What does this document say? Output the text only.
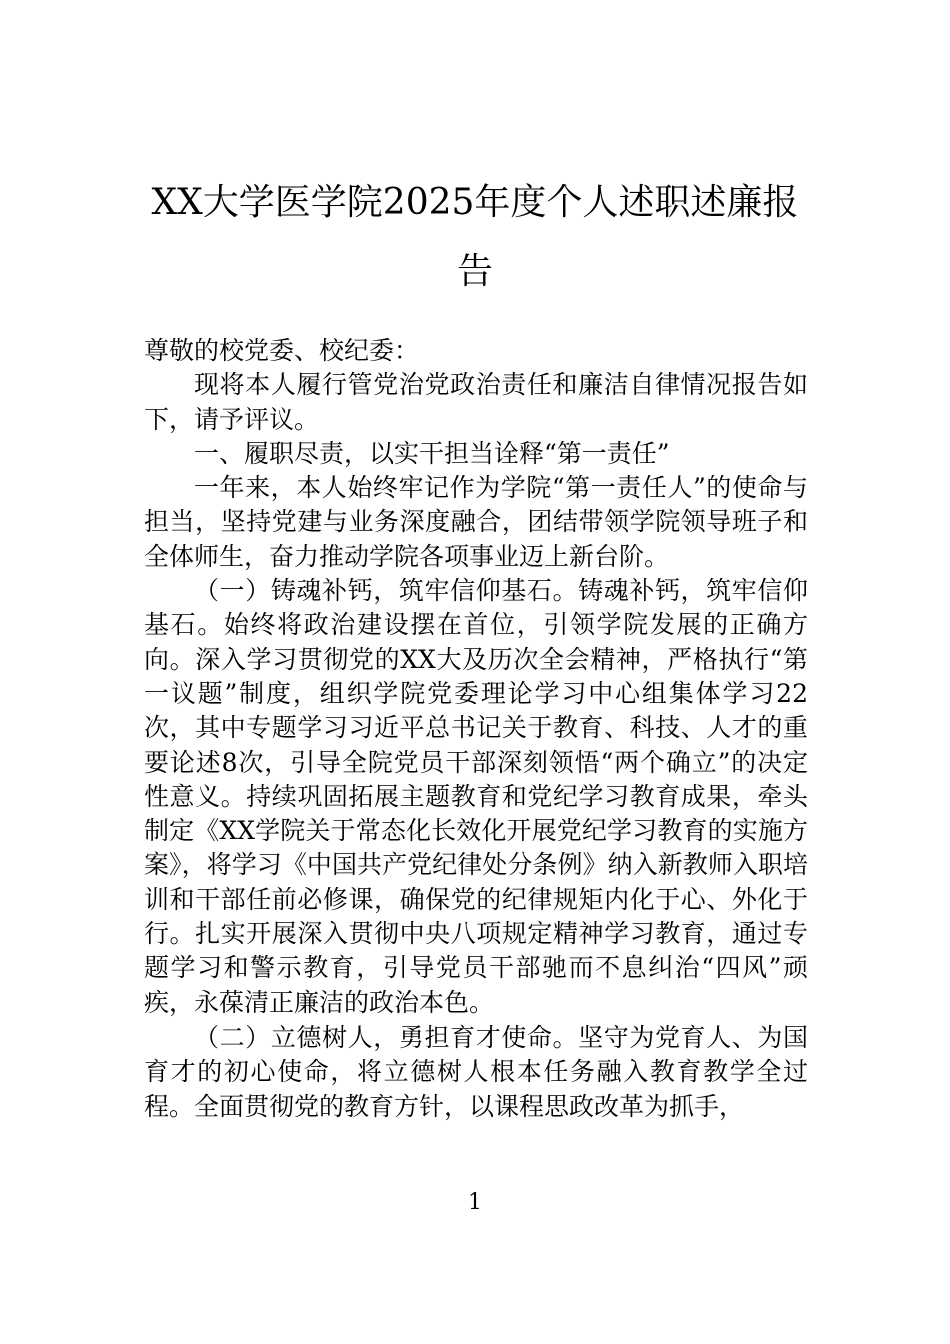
XX大学医学院2025年度个人述职述廉报告

尊敬的校党委、校纪委：

现将本人履行管党治党政治责任和廉洁自律情况报告如下，请予评议。

一、履职尽责，以实干担当诠释“第一责任”

一年来，本人始终牢记作为学院“第一责任人”的使命与担当，坚持党建与业务深度融合，团结带领学院领导班子和全体师生，奋力推动学院各项事业迈上新台阶。

（一）铸魂补钙，筑牢信仰基石。铸魂补钙，筑牢信仰基石。始终将政治建设摆在首位，引领学院发展的正确方向。深入学习贯彻党的XX大及历次全会精神，严格执行“第一议题”制度，组织学院党委理论学习中心组集体学习22次，其中专题学习习近平总书记关于教育、科技、人才的重要论述8次，引导全院党员干部深刻领悟“两个确立”的决定性意义。持续巩固拓展主题教育和党纪学习教育成果，牵头制定《XX学院关于常态化长效化开展党纪学习教育的实施方案》，将学习《中国共产党纪律处分条例》纳入新教师入职培训和干部任前必修课，确保党的纪律规矩内化于心、外化于行。扎实开展深入贯彻中央八项规定精神学习教育，通过专题学习和警示教育，引导党员干部驰而不息纠治“四风”顽疾，永葆清正廉洁的政治本色。

（二）立德树人，勇担育才使命。坚守为党育人、为国育才的初心使命，将立德树人根本任务融入教育教学全过程。全面贯彻党的教育方针，以课程思政改革为抓手，

1
